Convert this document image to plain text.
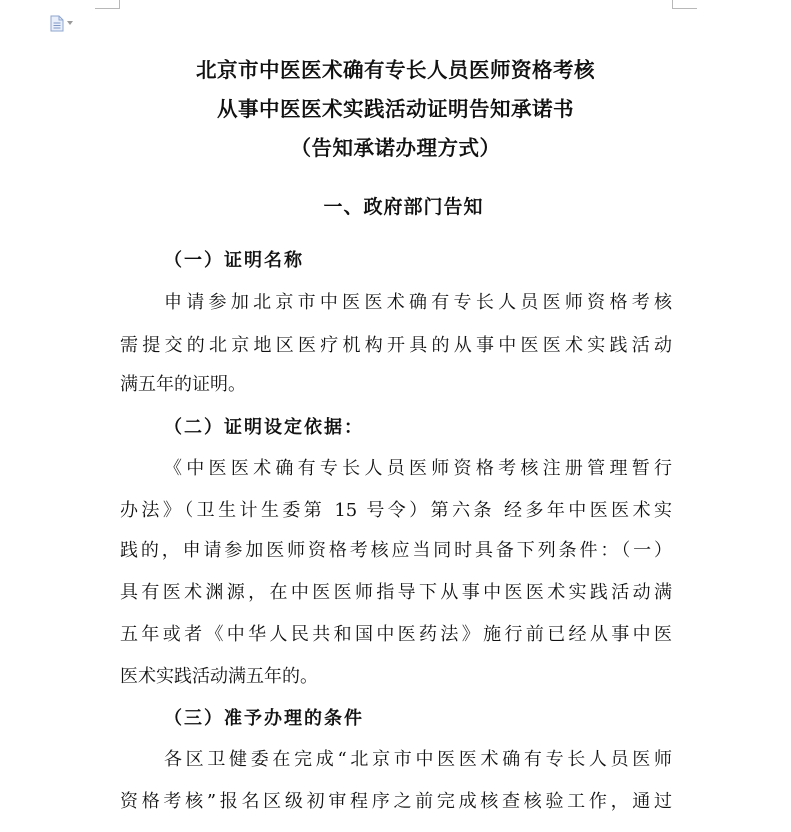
北京市中医医术确有专长人员医师资格考核
从事中医医术实践活动证明告知承诺书
（告知承诺办理方式）
一、政府部门告知
（一）证明名称
申请参加北京市中医医术确有专长人员医师资格考核
需提交的北京地区医疗机构开具的从事中医医术实践活动
满五年的证明。
（二）证明设定依据：
《中医医术确有专长人员医师资格考核注册管理暂行
办法》（卫生计生委第 15 号令）第六条 经多年中医医术实
践的，申请参加医师资格考核应当同时具备下列条件：（一）
具有医术渊源，在中医医师指导下从事中医医术实践活动满
五年或者《中华人民共和国中医药法》施行前已经从事中医
医术实践活动满五年的。
（三）准予办理的条件
各区卫健委在完成“北京市中医医术确有专长人员医师
资格考核”报名区级初审程序之前完成核查核验工作，通过
